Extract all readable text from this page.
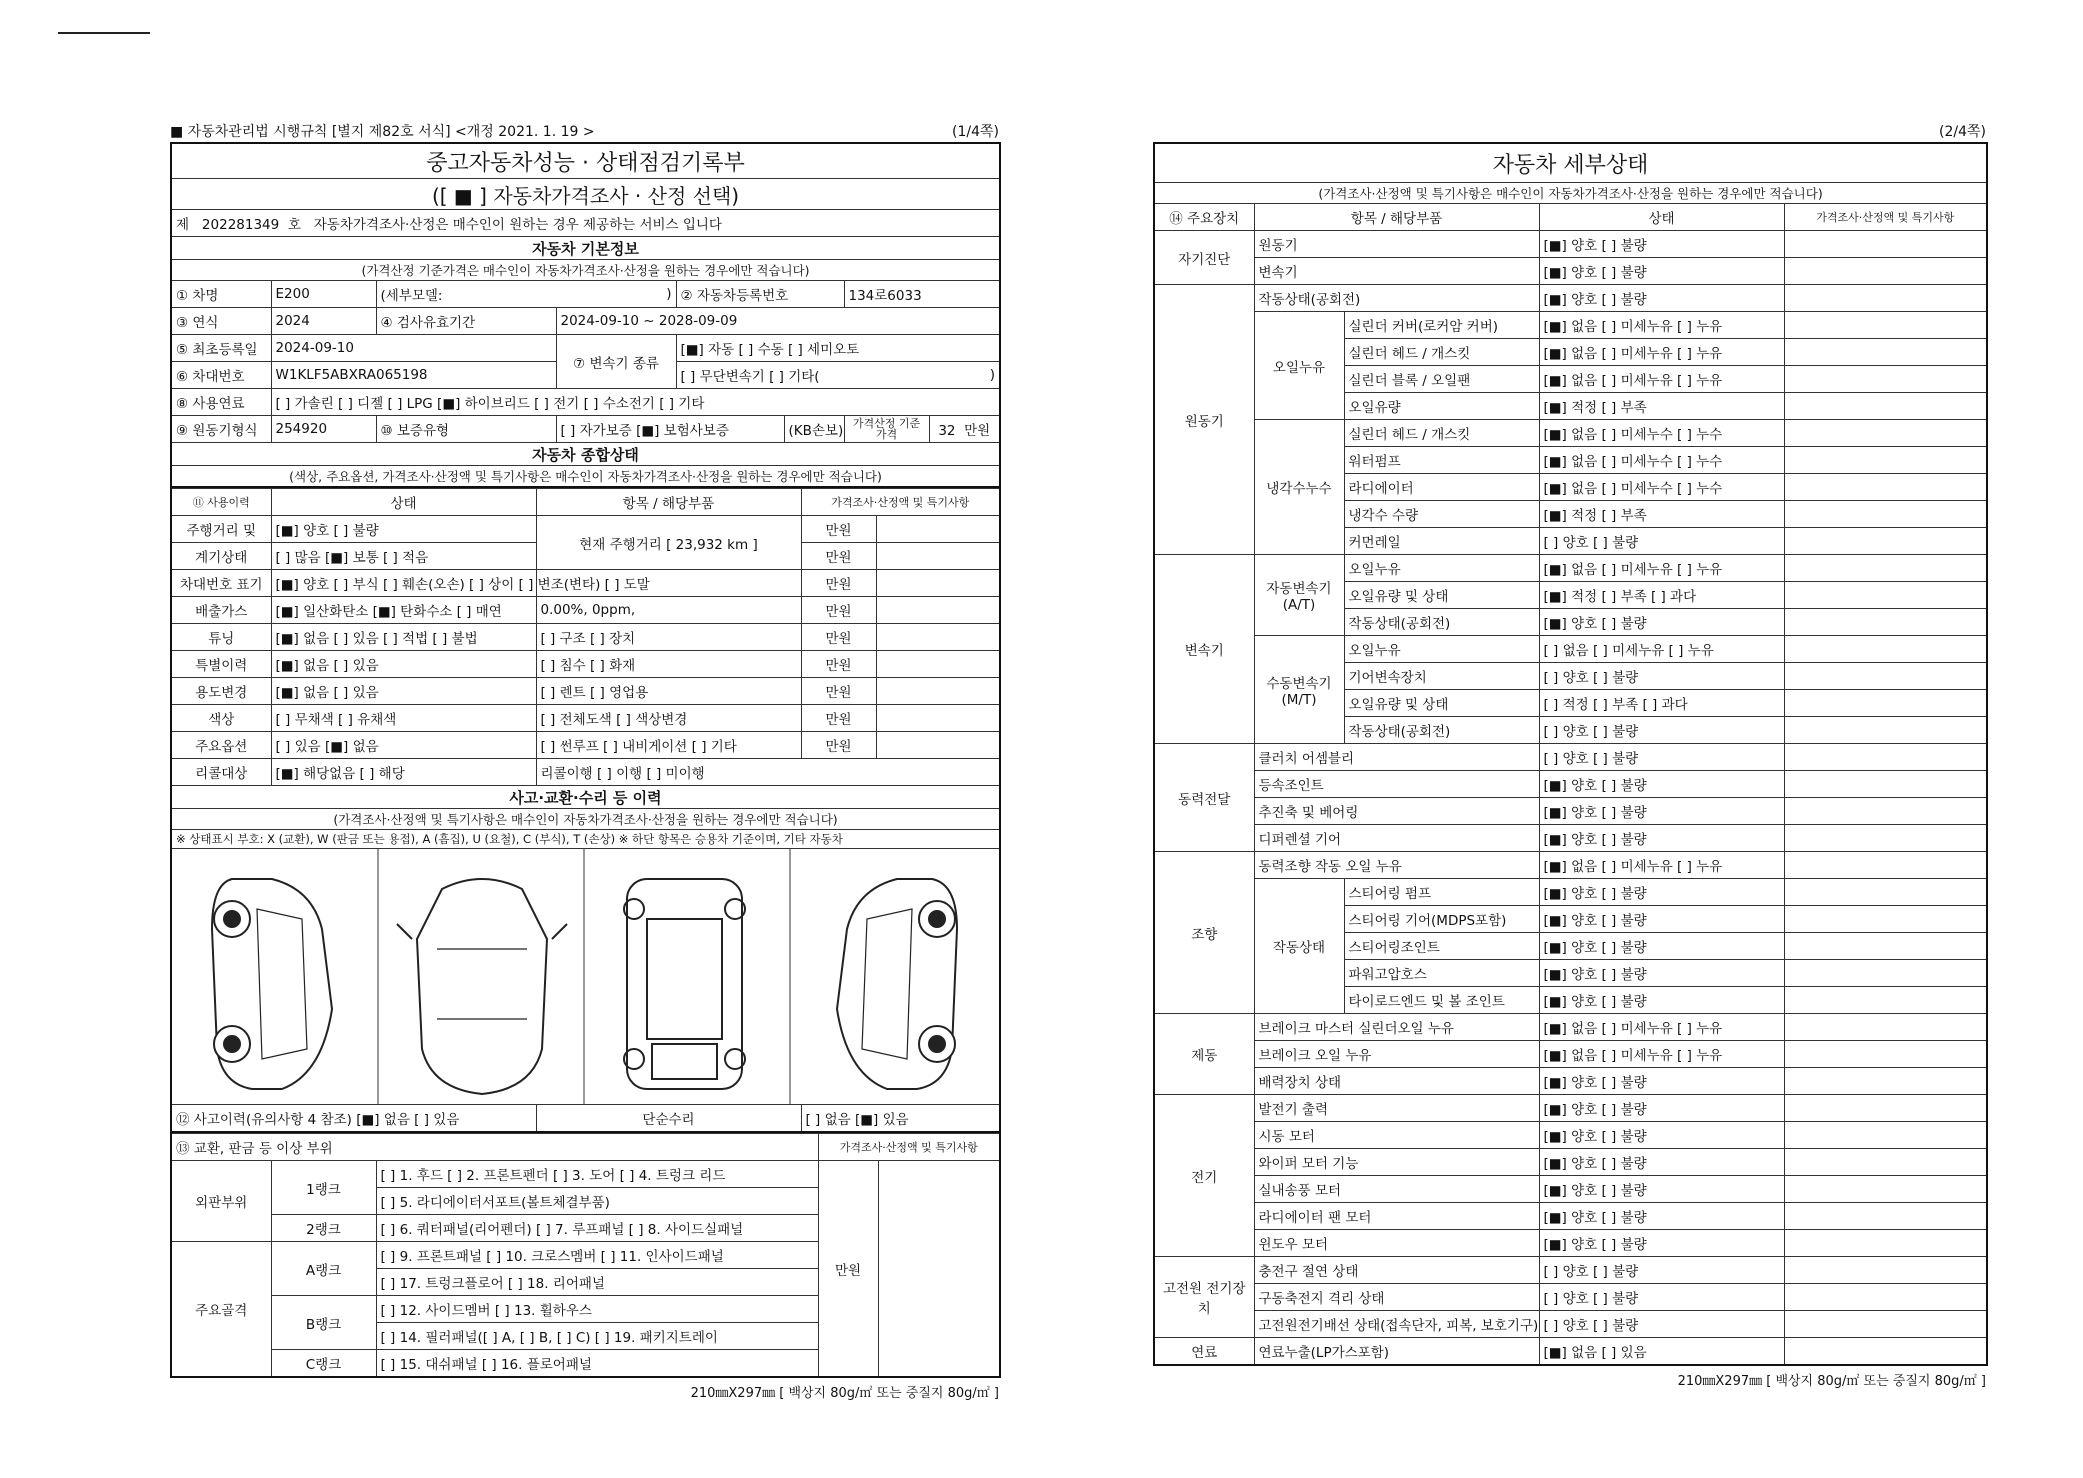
■ 자동차관리법 시행규칙 [별지 제82호 서식] <개정 2021. 1. 19 >	(1/4쪽)
중고자동차성능 · 상태점검기록부							
([ ■ ] 자동차가격조사 · 산정 선택)							
제 202281349 호 자동차가격조사·산정은 매수인이 원하는 경우 제공하는 서비스 입니다							
자동차 기본정보							
(가격산정 기준가격은 매수인이 자동차가격조사·산정을 원하는 경우에만 적습니다)							
① 차명	E200	(세부모델:	)	② 자동차등록번호		134로6033	
③ 연식	2024	④ 검사유효기간	2024-09-10 ~ 2028-09-09				
⑤ 최초등록일	2024-09-10		⑦ 변속기 종류	[■] 자동 [ ] 수동 [ ] 세미오토			
⑥ 차대번호	W1KLF5ABXRA065198			[ ] 무단변속기 [ ] 기타(			)
⑧ 사용연료	[ ] 가솔린 [ ] 디젤 [ ] LPG [■] 하이브리드 [ ] 전기 [ ] 수소전기 [ ] 기타						
⑨ 원동기형식	254920	⑩ 보증유형	[ ] 자가보증 [■] 보험사보증		(KB손보)	가격산정 기준가격	32 만원
자동차 종합상태							
(색상, 주요옵션, 가격조사·산정액 및 특기사항은 매수인이 자동차가격조사·산정을 원하는 경우에만 적습니다)							
⑪ 사용이력	상태	항목 / 해당부품	가격조사·산정액 및 특기사항	
주행거리 및	[■] 양호 [ ] 불량	현재 주행거리 [ 23,932 km ]	만원	
계기상태	[ ] 많음 [■] 보통 [ ] 적음		만원	
차대번호 표기	[■] 양호 [ ] 부식 [ ] 훼손(오손) [ ] 상이 [ ] 변조(변타) [ ] 도말		만원	
배출가스	[■] 일산화탄소 [■] 탄화수소 [ ] 매연	0.00%, 0ppm,	만원	
튜닝	[■] 없음 [ ] 있음 [ ] 적법 [ ] 불법	[ ] 구조 [ ] 장치	만원	
특별이력	[■] 없음 [ ] 있음	[ ] 침수 [ ] 화재	만원	
용도변경	[■] 없음 [ ] 있음	[ ] 렌트 [ ] 영업용	만원	
색상	[ ] 무채색 [ ] 유채색	[ ] 전체도색 [ ] 색상변경	만원	
주요옵션	[ ] 있음 [■] 없음	[ ] 썬루프 [ ] 내비게이션 [ ] 기타	만원	
리콜대상	[■] 해당없음 [ ] 해당	리콜이행 [ ] 이행 [ ] 미이행		
사고·교환·수리 등 이력				
(가격조사·산정액 및 특기사항은 매수인이 자동차가격조사·산정을 원하는 경우에만 적습니다)				
※ 상태표시 부호: X (교환), W (판금 또는 용접), A (흠집), U (요철), C (부식), T (손상) ※ 하단 항목은 승용차 기준이며, 기타 자동차				

⑫ 사고이력(유의사항 4 참조) [■] 없음 [ ] 있음		단순수리	[ ] 없음 [■] 있음	
⑬ 교환, 판금 등 이상 부위			가격조사·산정액 및 특기사항	
외판부위	1랭크	[ ] 1. 후드 [ ] 2. 프론트펜더 [ ] 3. 도어 [ ] 4. 트렁크 리드	만원	
		[ ] 5. 라디에이터서포트(볼트체결부품)		
	2랭크	[ ] 6. 쿼터패널(리어펜더) [ ] 7. 루프패널 [ ] 8. 사이드실패널		
주요골격	A랭크	[ ] 9. 프론트패널 [ ] 10. 크로스멤버 [ ] 11. 인사이드패널		
		[ ] 17. 트렁크플로어 [ ] 18. 리어패널		
	B랭크	[ ] 12. 사이드멤버 [ ] 13. 휠하우스		
		[ ] 14. 필러패널([ ] A, [ ] B, [ ] C) [ ] 19. 패키지트레이		
	C랭크	[ ] 15. 대쉬패널 [ ] 16. 플로어패널		
210㎜X297㎜ [ 백상지 80g/㎡ 또는 중질지 80g/㎡ ]
(2/4쪽)
자동차 세부상태				
(가격조사·산정액 및 특기사항은 매수인이 자동차가격조사·산정을 원하는 경우에만 적습니다)				
⑭ 주요장치	항목 / 해당부품		상태	가격조사·산정액 및 특기사항
자기진단	원동기		[■] 양호 [ ] 불량	
	변속기		[■] 양호 [ ] 불량	
원동기	작동상태(공회전)		[■] 양호 [ ] 불량	
	오일누유	실린더 커버(로커암 커버)	[■] 없음 [ ] 미세누유 [ ] 누유	
		실린더 헤드 / 개스킷	[■] 없음 [ ] 미세누유 [ ] 누유	
		실린더 블록 / 오일팬	[■] 없음 [ ] 미세누유 [ ] 누유	
		오일유량	[■] 적정 [ ] 부족	
	냉각수누수	실린더 헤드 / 개스킷	[■] 없음 [ ] 미세누수 [ ] 누수	
		워터펌프	[■] 없음 [ ] 미세누수 [ ] 누수	
		라디에이터	[■] 없음 [ ] 미세누수 [ ] 누수	
		냉각수 수량	[■] 적정 [ ] 부족	
		커먼레일	[ ] 양호 [ ] 불량	
변속기	자동변속기 (A/T)	오일누유	[■] 없음 [ ] 미세누유 [ ] 누유	
		오일유량 및 상태	[■] 적정 [ ] 부족 [ ] 과다	
		작동상태(공회전)	[■] 양호 [ ] 불량	
	수동변속기 (M/T)	오일누유	[ ] 없음 [ ] 미세누유 [ ] 누유	
		기어변속장치	[ ] 양호 [ ] 불량	
		오일유량 및 상태	[ ] 적정 [ ] 부족 [ ] 과다	
		작동상태(공회전)	[ ] 양호 [ ] 불량	
동력전달	클러치 어셈블리		[ ] 양호 [ ] 불량	
	등속조인트		[■] 양호 [ ] 불량	
	추진축 및 베어링		[■] 양호 [ ] 불량	
	디퍼렌셜 기어		[■] 양호 [ ] 불량	
조향	동력조향 작동 오일 누유		[■] 없음 [ ] 미세누유 [ ] 누유	
	작동상태	스티어링 펌프	[■] 양호 [ ] 불량	
		스티어링 기어(MDPS포함)	[■] 양호 [ ] 불량	
		스티어링조인트	[■] 양호 [ ] 불량	
		파워고압호스	[■] 양호 [ ] 불량	
		타이로드엔드 및 볼 조인트	[■] 양호 [ ] 불량	
제동	브레이크 마스터 실린더오일 누유		[■] 없음 [ ] 미세누유 [ ] 누유	
	브레이크 오일 누유		[■] 없음 [ ] 미세누유 [ ] 누유	
	배력장치 상태		[■] 양호 [ ] 불량	
전기	발전기 출력		[■] 양호 [ ] 불량	
	시동 모터		[■] 양호 [ ] 불량	
	와이퍼 모터 기능		[■] 양호 [ ] 불량	
	실내송풍 모터		[■] 양호 [ ] 불량	
	라디에이터 팬 모터		[■] 양호 [ ] 불량	
	윈도우 모터		[■] 양호 [ ] 불량	
고전원 전기장치	충전구 절연 상태		[ ] 양호 [ ] 불량	
	구동축전지 격리 상태		[ ] 양호 [ ] 불량	
	고전원전기배선 상태(접속단자, 피복, 보호기구)		[ ] 양호 [ ] 불량	
연료	연료누출(LP가스포함)		[■] 없음 [ ] 있음	
210㎜X297㎜ [ 백상지 80g/㎡ 또는 중질지 80g/㎡ ]
